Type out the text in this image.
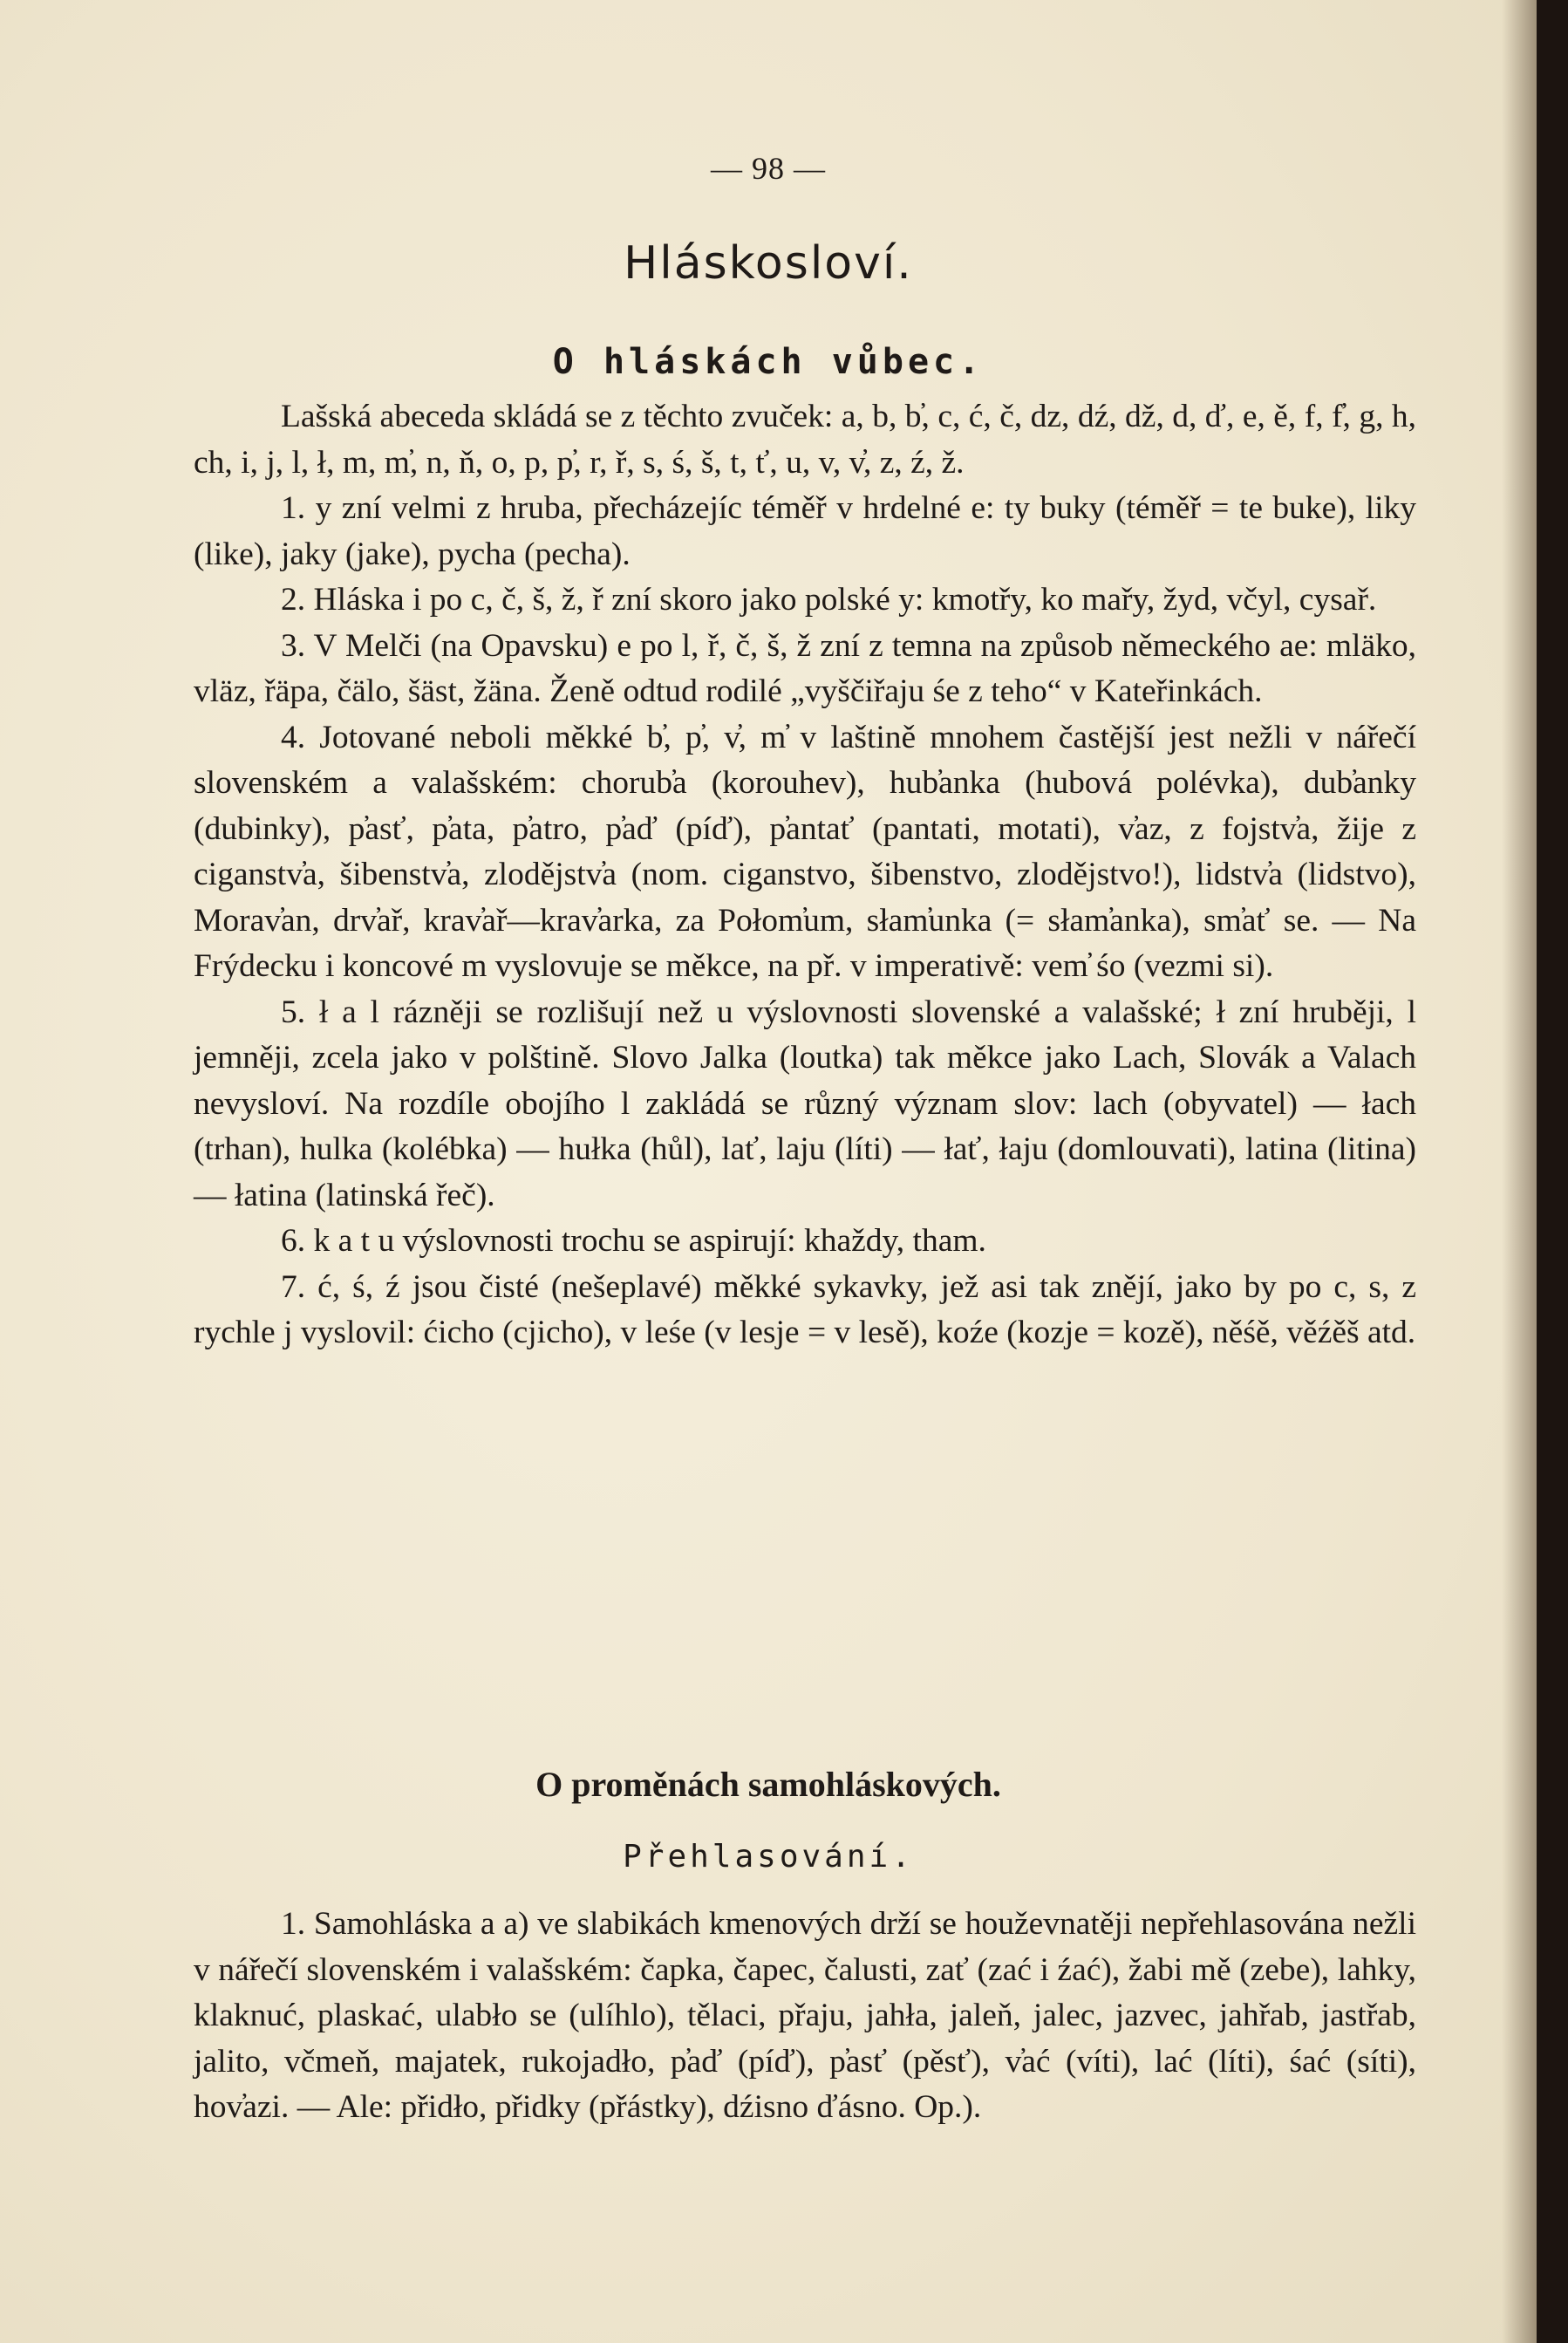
— 98 —
Hláskosloví.
O hláskách vůbec.

Lašská abeceda skládá se z těchto zvuček: a, b, b̕, c, ć, č, dz, dź, dž, d, ď, e, ě, f, f̕, g, h, ch, i, j, l, ł, m, m̕, n, ň, o, p, p̕, r, ř, s, ś, š, t, ť, u, v, v̕, z, ź, ž.

1. y zní velmi z hruba, přecházejíc téměř v hrdelné e: ty buky (téměř = te buke), liky (like), jaky (jake), pycha (pecha).

2. Hláska i po c, č, š, ž, ř zní skoro jako polské y: kmotřy, ko mařy, žyd, včyl, cysař.

3. V Melči (na Opavsku) e po l, ř, č, š, ž zní z temna na způsob německého ae: mläko, vläz, řäpa, čälo, šäst, žäna. Ženě odtud rodilé „vyščiřaju śe z teho“ v Kateřinkách.

4. Jotované neboli měkké b̕, p̕, v̕, m̕ v laštině mnohem častější jest nežli v nářečí slovenském a valašském: chorub̕a (korouhev), hub̕anka (hubová polévka), dub̕anky (dubinky), p̕asť, p̕ata, p̕atro, p̕aď (píď), p̕antať (pantati, motati), v̕az, z fojstv̕a, žije z ciganstv̕a, šibenstv̕a, zlodějstv̕a (nom. ciganstvo, šibenstvo, zlodějstvo!), lidstv̕a (lidstvo), Morav̕an, drv̕ař, krav̕ař—krav̕arka, za Połom̕um, słam̕unka (= słam̕anka), sm̕ať se. — Na Frýdecku i koncové m vyslovuje se měkce, na př. v imperativě: vem̕ śo (vezmi si).

5. ł a l rázněji se rozlišují než u výslovnosti slovenské a valašské; ł zní hruběji, l jemněji, zcela jako v polštině. Slovo Jalka (loutka) tak měkce jako Lach, Slovák a Valach nevysloví. Na rozdíle obojího l zakládá se různý význam slov: lach (obyvatel) — łach (trhan), hulka (kolébka) — hułka (hůl), lať, laju (líti) — łať, łaju (domlouvati), latina (litina) — łatina (latinská řeč).

6. k a t u výslovnosti trochu se aspirují: khaždy, tham.

7. ć, ś, ź jsou čisté (nešeplavé) měkké sykavky, jež asi tak znějí, jako by po c, s, z rychle j vyslovil: ćicho (cjicho), v leśe (v lesje = v lesě), koźe (kozje = kozě), něśě, věźěš atd.

O proměnách samohláskových.
Přehlasování.

1. Samohláska a a) ve slabikách kmenových drží se houževnatěji nepřehlasována nežli v nářečí slovenském i valašském: čapka, čapec, čalusti, zať (zać i źać), žabi mě (zebe), lahky, klaknuć, plaskać, ulabło se (ulíhlo), tělaci, přaju, jahła, jaleň, jalec, jazvec, jahřab, jastřab, jalito, včmeň, majatek, rukojadło, p̕aď (píď), p̕asť (pěsť), v̕ać (víti), lać (líti), śać (síti), hov̕azi. — Ale: přidło, přidky (přástky), dźisno ďásno. Op.).
